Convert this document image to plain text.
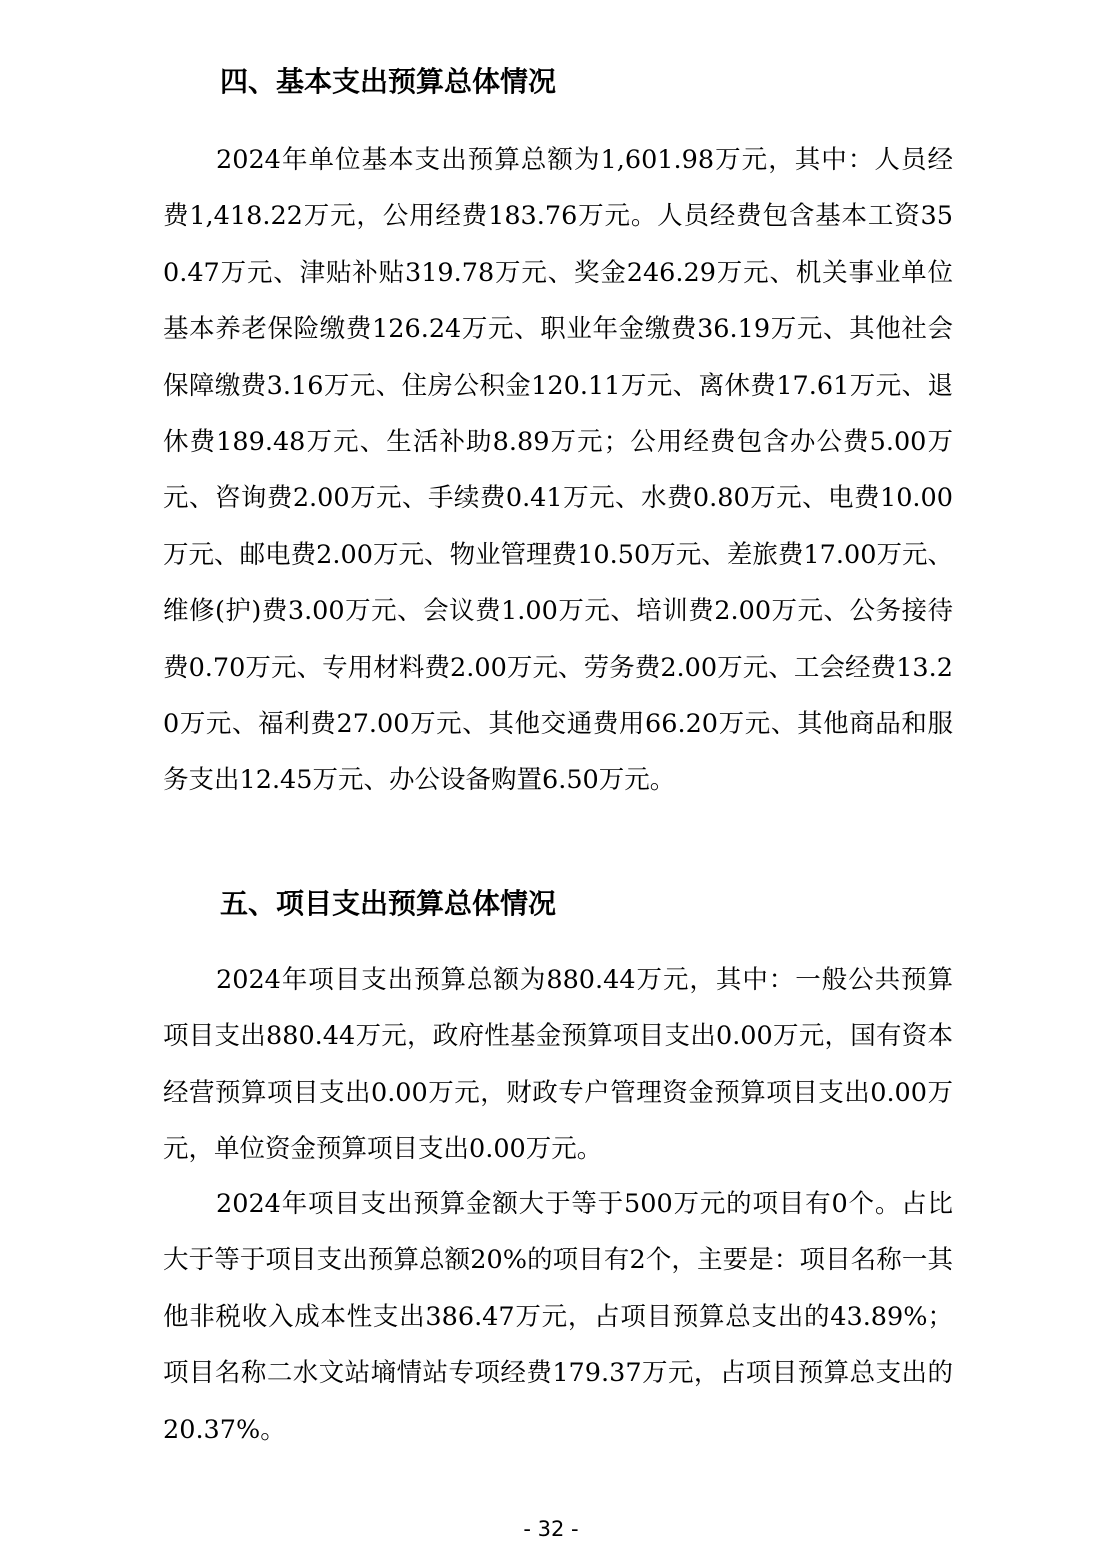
四、基本支出预算总体情况

2024年单位基本支出预算总额为1,601.98万元，其中：人员经费1,418.22万元，公用经费183.76万元。人员经费包含基本工资350.47万元、津贴补贴319.78万元、奖金246.29万元、机关事业单位基本养老保险缴费126.24万元、职业年金缴费36.19万元、其他社会保障缴费3.16万元、住房公积金120.11万元、离休费17.61万元、退休费189.48万元、生活补助8.89万元；公用经费包含办公费5.00万元、咨询费2.00万元、手续费0.41万元、水费0.80万元、电费10.00万元、邮电费2.00万元、物业管理费10.50万元、差旅费17.00万元、维修(护)费3.00万元、会议费1.00万元、培训费2.00万元、公务接待费0.70万元、专用材料费2.00万元、劳务费2.00万元、工会经费13.20万元、福利费27.00万元、其他交通费用66.20万元、其他商品和服务支出12.45万元、办公设备购置6.50万元。

五、项目支出预算总体情况

2024年项目支出预算总额为880.44万元，其中：一般公共预算项目支出880.44万元，政府性基金预算项目支出0.00万元，国有资本经营预算项目支出0.00万元，财政专户管理资金预算项目支出0.00万元，单位资金预算项目支出0.00万元。

2024年项目支出预算金额大于等于500万元的项目有0个。占比大于等于项目支出预算总额20%的项目有2个，主要是：项目名称一其他非税收入成本性支出386.47万元，占项目预算总支出的43.89%；项目名称二水文站墒情站专项经费179.37万元，占项目预算总支出的20.37%。

- 32 -
